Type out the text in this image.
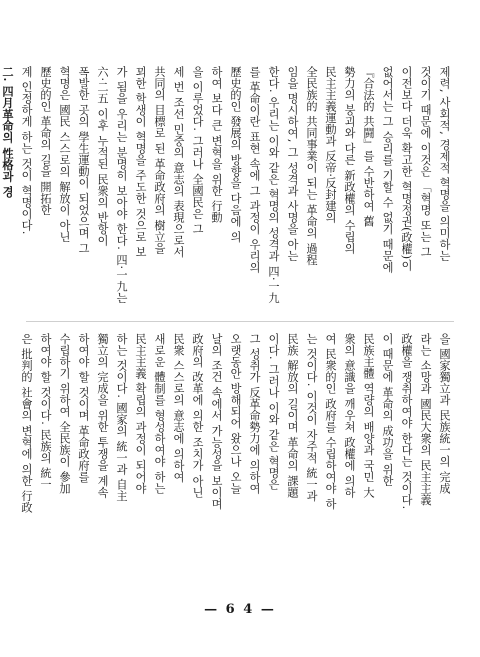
제력, 사회적, 경제적 혁명을 의미하는
것이기 때문에 이것은 「혁명 또는 그
이전보다 더욱 확고한 혁명정권(政權)이
없어서는 그 승리를 기할 수 없기 때문에
『合法的 共闘』를 수반하여 舊
勢力의 붕괴와 다른 新政權의 수립의
民主主義運動과 反帝·反封建의
全民族的 共同事業이 되는 革命의 過程
임을 명시하여, 그 성격과 사명을 아는
한다. 우리는 이와 같은 혁명의 성격과 四·一九
를 革命이란 표현 속에 그 과정이 우리의
歷史的인 發展의 방향을 다음에 의
하여 보다 큰 변혁을 위한 行動
을 이루었다. 그러나 全國民은 그
세 번 조선 민중의 意志의 表現으로서
共同의 目標로 된 革命政府의 樹立을
꾀한 학생이 혁명을 주도한 것으로 보
가 됨을 우리는 분명히 보아야 한다. 四·一九는
六·二五 이후 누적된 民衆의 반항이
폭발한 곳의 學生運動이 되었으며 그
혁명은 國民 스스로의 解放이 아닌
歷史的인 革命의 길을 開拓한
계 인정하게 하는 것이 혁명이다.
二. 四月革命의 性格과 경
을 國家獨立과 民族統一의 完成
라는 소망과 國民大衆의 民主主義
政權을 쟁취하여야 한다는 것이다.
이 때문에 革命의 成功을 위한
民族主體 역량의 배양과 국민 大
衆의 意識을 깨우쳐 政權에 의하
여 民衆的인 政府를 수립하여야 하
는 것이다. 이것이 자주적 統一과
民族 解放의 길이며 革命의 課題
이다. 그러나 이와 같은 혁명은
그 성취가 反革命勢力에 의하여
오랫동안 방해되어 왔으나 오늘
날의 조건 속에서 가능성을 보이며
政府의 改革에 의한 조치가 아닌
民衆 스스로의 意志에 의하여
새로운 體制를 형성하여야 하는
民主主義 확립의 과정이 되어야
하는 것이다. 國家의 統一과 自主
獨立의 完成을 위한 투쟁을 계속
하여야 할 것이며 革命政府를
수립하기 위하여 全民族이 參加
하여야 할 것이다. 民族의 統一
은 批判的 社會의 변혁에 의한 行政
— 6 4 —
